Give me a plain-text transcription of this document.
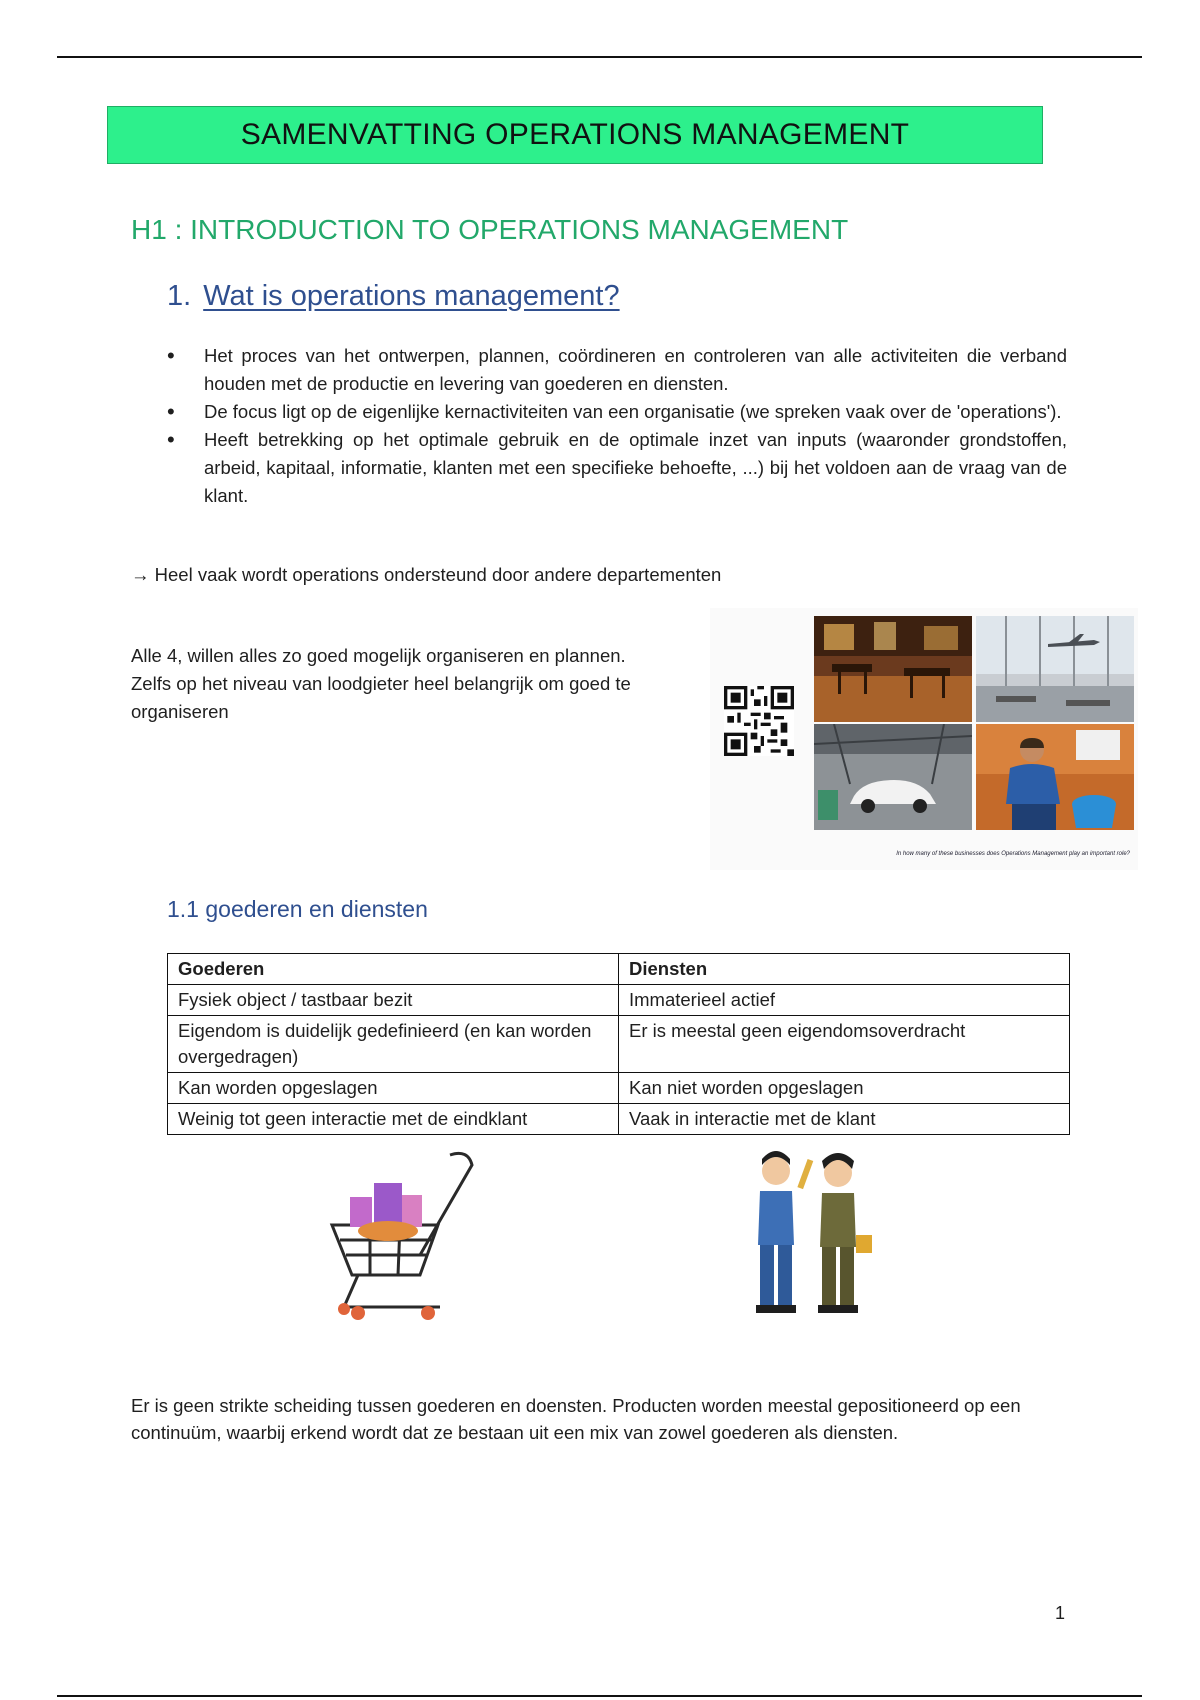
SAMENVATTING OPERATIONS MANAGEMENT
H1 : INTRODUCTION TO OPERATIONS MANAGEMENT
1. Wat is operations management?
• Het proces van het ontwerpen, plannen, coördineren en controleren van alle activiteiten die verband houden met de productie en levering van goederen en diensten.
• De focus ligt op de eigenlijke kernactiviteiten van een organisatie (we spreken vaak over de 'operations').
• Heeft betrekking op het optimale gebruik en de optimale inzet van inputs (waaronder grondstoffen, arbeid, kapitaal, informatie, klanten met een specifieke behoefte, ...) bij het voldoen aan de vraag van de klant.
→ Heel vaak wordt operations ondersteund door andere departementen
Alle 4, willen alles zo goed mogelijk organiseren en plannen.
Zelfs op het niveau van loodgieter heel belangrijk om goed te organiseren
In how many of these businesses does Operations Management play an important role?
1.1 goederen en diensten
Goederen	Diensten
Fysiek object / tastbaar bezit	Immaterieel actief
Eigendom is duidelijk gedefinieerd (en kan worden overgedragen)	Er is meestal geen eigendomsoverdracht
Kan worden opgeslagen	Kan niet worden opgeslagen
Weinig tot geen interactie met de eindklant	Vaak in interactie met de klant
Er is geen strikte scheiding tussen goederen en doensten. Producten worden meestal gepositioneerd op een continuüm, waarbij erkend wordt dat ze bestaan uit een mix van zowel goederen als diensten.
1
